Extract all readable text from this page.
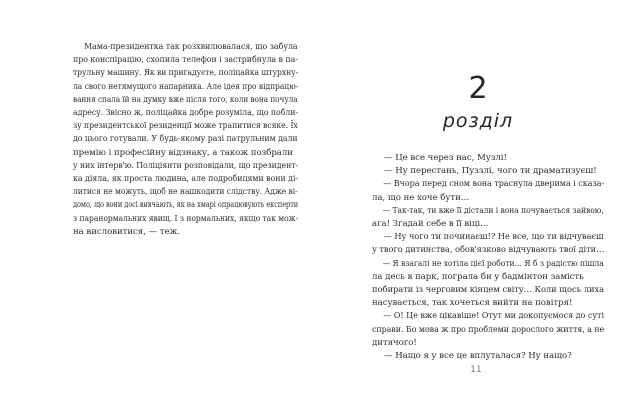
Мама-президентка так розхвилювалася, що забула
про конспірацію, схопила телефон і застрибнула в па-
трульну машину. Як ви пригадуєте, поліцайка штурхну-
ла свого нетямущого напарника. Але ідея про відпрацю-
вання спала їй на думку вже після того, коли вона почула
адресу. Звісно ж, поліцайка добре розуміла, що побли-
зу президентської резиденції може трапитися всяке. Їх
до цього готували. У будь-якому разі патрульним дали
премію і професійну відзнаку, а також позбрали
у них інтерв'ю. Поліціянти розповідали, що президент-
ка діяла, як проста людина, але подробицями вони ді-
литися не можуть, щоб не нашкодити слідству. Адже ві-
домо, що вони досі вивчають, як на хмарі опрацювують експерти
з паранормальних явищ. І з нормальних, якщо так мож-
на висловитися, — теж.
2
розділ
— Це все через нас, Музлі!
— Ну перестань, Пуззлі, чого ти драматизуєш!
— Вчора перед сном вона траснула дверима і сказа-
ла, що не хоче бути…
— Так-так, ти вже її дістали і вона почувається зайвою,
ага! Згадай себе в її віці…
— Ну чого ти починаєш!? Не все, що ти відчуваєш
у твого дитинства, обов'язково відчувають твої діти…
— Я взагалі не хотіла цієї роботи… Я б з радістю пішла
ла десь в парк, пограла би у бадмінтон замість
побирати із черговим кінцем світу… Коли щось лиха
насувається, так хочеться вийти на повітря!
— О! Це вже цікавіше! Отут ми докопуємося до суті
справи. Бо мова ж про проблеми дорослого життя, а не
дитячого!
— Нащо я у все це вплуталася? Ну нащо?
11
